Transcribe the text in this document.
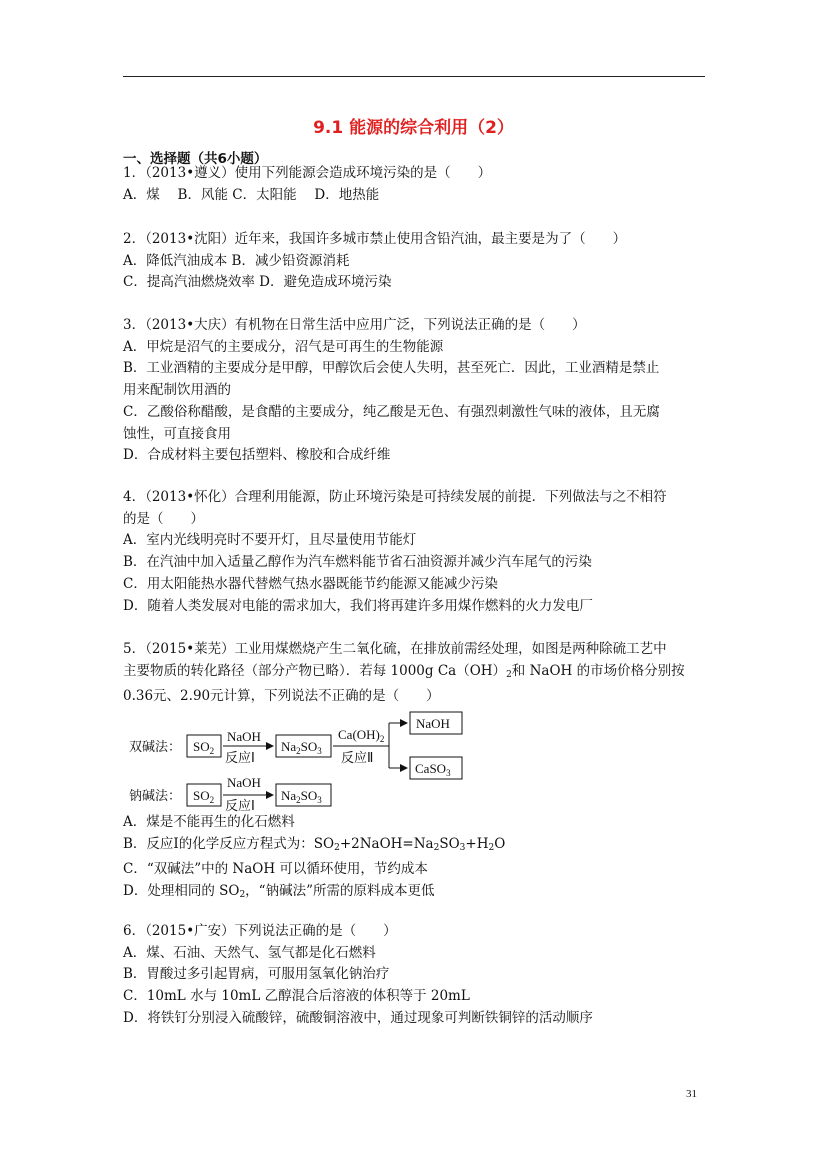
9.1 能源的综合利用（2）
一、选择题（共6小题）
1．（2013•遵义）使用下列能源会造成环境污染的是（　　）
A．煤　 B．风能 C．太阳能　 D．地热能
2．（2013•沈阳）近年来，我国许多城市禁止使用含铅汽油，最主要是为了（　　）
A．降低汽油成本 B．减少铅资源消耗
C．提高汽油燃烧效率 D．避免造成环境污染
3．（2013•大庆）有机物在日常生活中应用广泛，下列说法正确的是（　　）
A．甲烷是沼气的主要成分，沼气是可再生的生物能源
B．工业酒精的主要成分是甲醇，甲醇饮后会使人失明，甚至死亡．因此，工业酒精是禁止
用来配制饮用酒的
C．乙酸俗称醋酸，是食醋的主要成分，纯乙酸是无色、有强烈刺激性气味的液体，且无腐
蚀性，可直接食用
D．合成材料主要包括塑料、橡胶和合成纤维
4．（2013•怀化）合理利用能源，防止环境污染是可持续发展的前提．下列做法与之不相符
的是（　　）
A．室内光线明亮时不要开灯，且尽量使用节能灯
B．在汽油中加入适量乙醇作为汽车燃料能节省石油资源并减少汽车尾气的污染
C．用太阳能热水器代替燃气热水器既能节约能源又能减少污染
D．随着人类发展对电能的需求加大，我们将再建许多用煤作燃料的火力发电厂
5．（2015•莱芜）工业用煤燃烧产生二氧化硫，在排放前需经处理，如图是两种除硫工艺中
主要物质的转化路径（部分产物已略）．若每 1000g $Ca(OH)_2$和 NaOH 的市场价格分别按
0.36元、2.90元计算，下列说法不正确的是（　　）
双碱法： $SO_2$
NaOH
反应Ⅰ
$Na_2SO_3$
$Ca(OH)_2$
反应Ⅱ
NaOH
CaSO$_3$
钠碱法： $SO_2$
NaOH
反应Ⅰ
$Na_2SO_3$
A．煤是不能再生的化石燃料
B．反应Ⅰ的化学反应方程式为：$SO_2+2NaOH=Na_2SO_3+H_2O$
C．“双碱法”中的 NaOH 可以循环使用，节约成本
D．处理相同的 $SO_2$，“钠碱法”所需的原料成本更低
6．（2015•广安）下列说法正确的是（　　）
A．煤、石油、天然气、氢气都是化石燃料
B．胃酸过多引起胃病，可服用氢氧化钠治疗
C．10mL 水与 10mL 乙醇混合后溶液的体积等于 20mL
D．将铁钉分别浸入硫酸锌，硫酸铜溶液中，通过现象可判断铁铜锌的活动顺序
31
